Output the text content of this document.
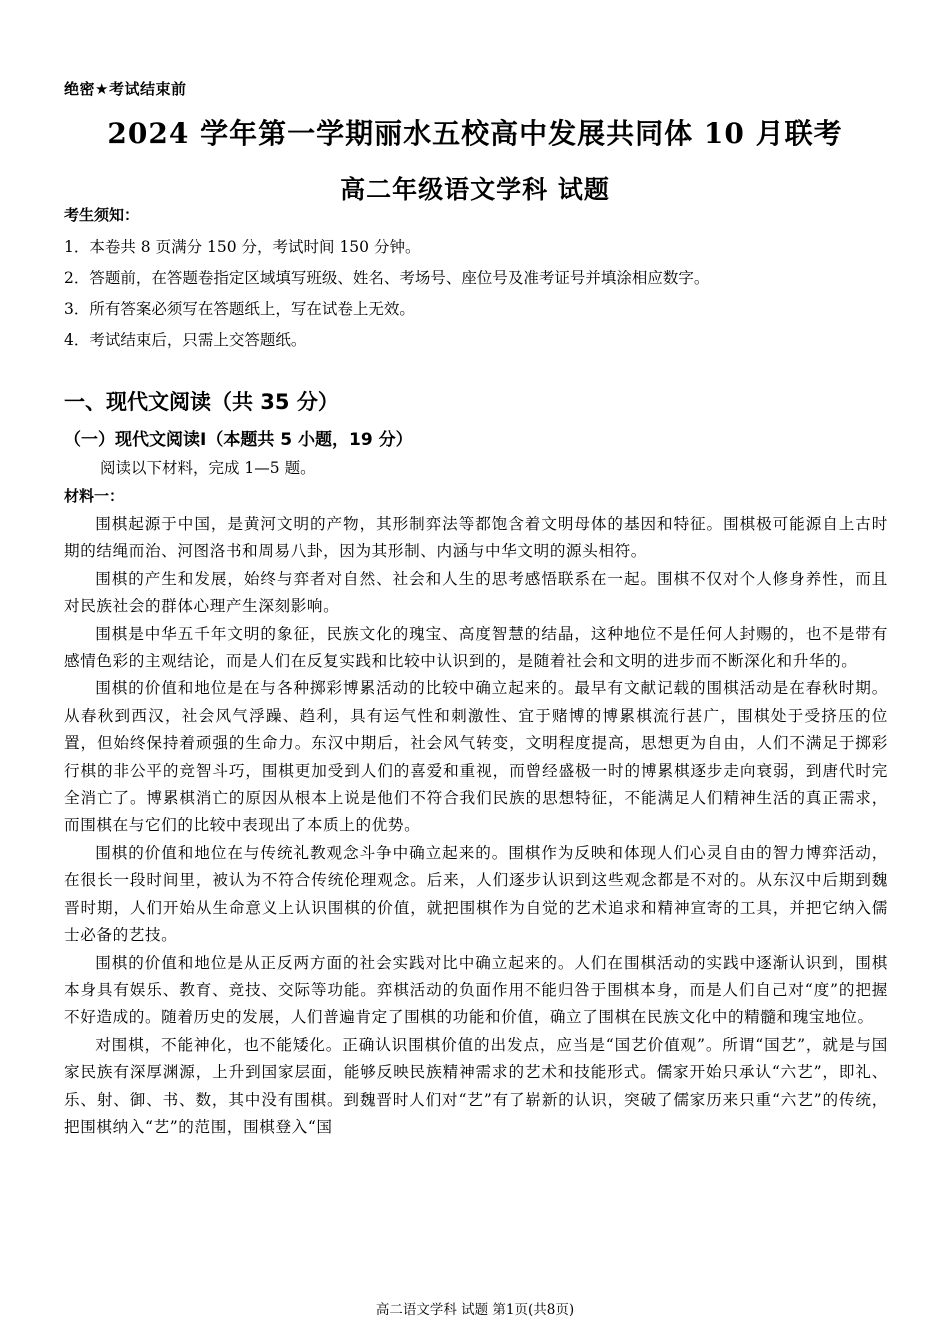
绝密★考试结束前
2024 学年第一学期丽水五校高中发展共同体 10 月联考
高二年级语文学科 试题
考生须知：
1．本卷共 8 页满分 150 分，考试时间 150 分钟。
2．答题前，在答题卷指定区域填写班级、姓名、考场号、座位号及准考证号并填涂相应数字。
3．所有答案必须写在答题纸上，写在试卷上无效。
4．考试结束后，只需上交答题纸。
一、现代文阅读（共 35 分）
（一）现代文阅读Ⅰ（本题共 5 小题，19 分）
阅读以下材料，完成 1—5 题。
材料一：

围棋起源于中国，是黄河文明的产物，其形制弈法等都饱含着文明母体的基因和特征。围棋极可能源自上古时期的结绳而治、河图洛书和周易八卦，因为其形制、内涵与中华文明的源头相符。

围棋的产生和发展，始终与弈者对自然、社会和人生的思考感悟联系在一起。围棋不仅对个人修身养性，而且对民族社会的群体心理产生深刻影响。

围棋是中华五千年文明的象征，民族文化的瑰宝、高度智慧的结晶，这种地位不是任何人封赐的，也不是带有感情色彩的主观结论，而是人们在反复实践和比较中认识到的，是随着社会和文明的进步而不断深化和升华的。

围棋的价值和地位是在与各种掷彩博累活动的比较中确立起来的。最早有文献记载的围棋活动是在春秋时期。从春秋到西汉，社会风气浮躁、趋利，具有运气性和刺激性、宜于赌博的博累棋流行甚广，围棋处于受挤压的位置，但始终保持着顽强的生命力。东汉中期后，社会风气转变，文明程度提高，思想更为自由，人们不满足于掷彩行棋的非公平的竞智斗巧，围棋更加受到人们的喜爱和重视，而曾经盛极一时的博累棋逐步走向衰弱，到唐代时完全消亡了。博累棋消亡的原因从根本上说是他们不符合我们民族的思想特征，不能满足人们精神生活的真正需求，而围棋在与它们的比较中表现出了本质上的优势。

围棋的价值和地位在与传统礼教观念斗争中确立起来的。围棋作为反映和体现人们心灵自由的智力博弈活动，在很长一段时间里，被认为不符合传统伦理观念。后来，人们逐步认识到这些观念都是不对的。从东汉中后期到魏晋时期，人们开始从生命意义上认识围棋的价值，就把围棋作为自觉的艺术追求和精神宣寄的工具，并把它纳入儒士必备的艺技。

围棋的价值和地位是从正反两方面的社会实践对比中确立起来的。人们在围棋活动的实践中逐渐认识到，围棋本身具有娱乐、教育、竞技、交际等功能。弈棋活动的负面作用不能归咎于围棋本身，而是人们自己对“度”的把握不好造成的。随着历史的发展，人们普遍肯定了围棋的功能和价值，确立了围棋在民族文化中的精髓和瑰宝地位。

对围棋，不能神化，也不能矮化。正确认识围棋价值的出发点，应当是“国艺价值观”。所谓“国艺”，就是与国家民族有深厚渊源，上升到国家层面，能够反映民族精神需求的艺术和技能形式。儒家开始只承认“六艺”，即礼、乐、射、御、书、数，其中没有围棋。到魏晋时人们对“艺”有了崭新的认识，突破了儒家历来只重“六艺”的传统，把围棋纳入“艺”的范围，围棋登入“国

高二语文学科 试题 第1页(共8页)
